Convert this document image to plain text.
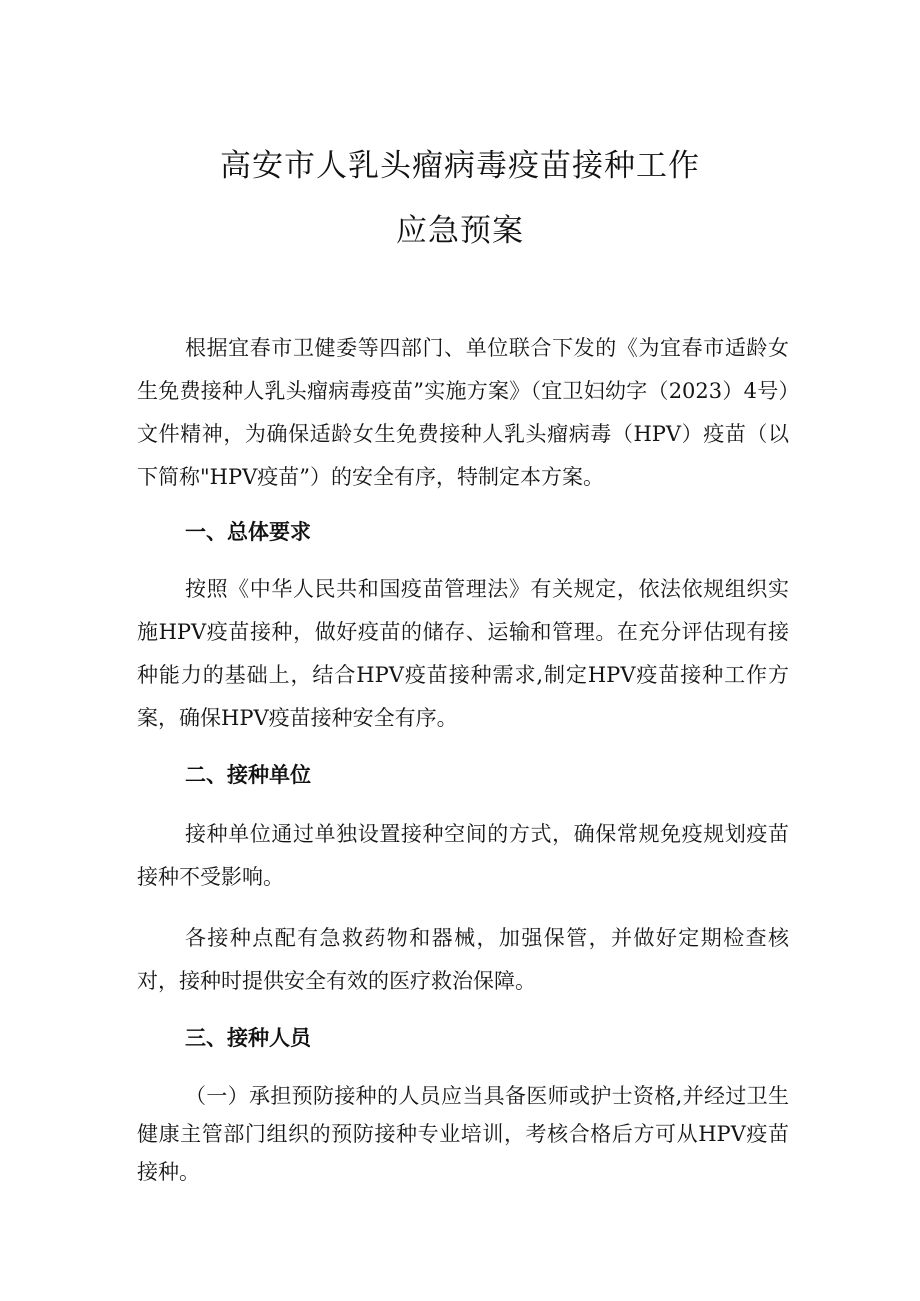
高安市人乳头瘤病毒疫苗接种工作
应急预案
根据宜春市卫健委等四部门、单位联合下发的《为宜春市适龄女生免费接种人乳头瘤病毒疫苗”实施方案》（宜卫妇幼字（2023）4号）文件精神，为确保适龄女生免费接种人乳头瘤病毒（HPV）疫苗（以下简称"HPV疫苗”）的安全有序，特制定本方案。
一、总体要求
按照《中华人民共和国疫苗管理法》有关规定，依法依规组织实施HPV疫苗接种，做好疫苗的储存、运输和管理。在充分评估现有接种能力的基础上，结合HPV疫苗接种需求,制定HPV疫苗接种工作方案，确保HPV疫苗接种安全有序。
二、接种单位
接种单位通过单独设置接种空间的方式，确保常规免疫规划疫苗接种不受影响。
各接种点配有急救药物和器械，加强保管，并做好定期检查核对，接种时提供安全有效的医疗救治保障。
三、接种人员
（一）承担预防接种的人员应当具备医师或护士资格,并经过卫生健康主管部门组织的预防接种专业培训，考核合格后方可从HPV疫苗接种。
